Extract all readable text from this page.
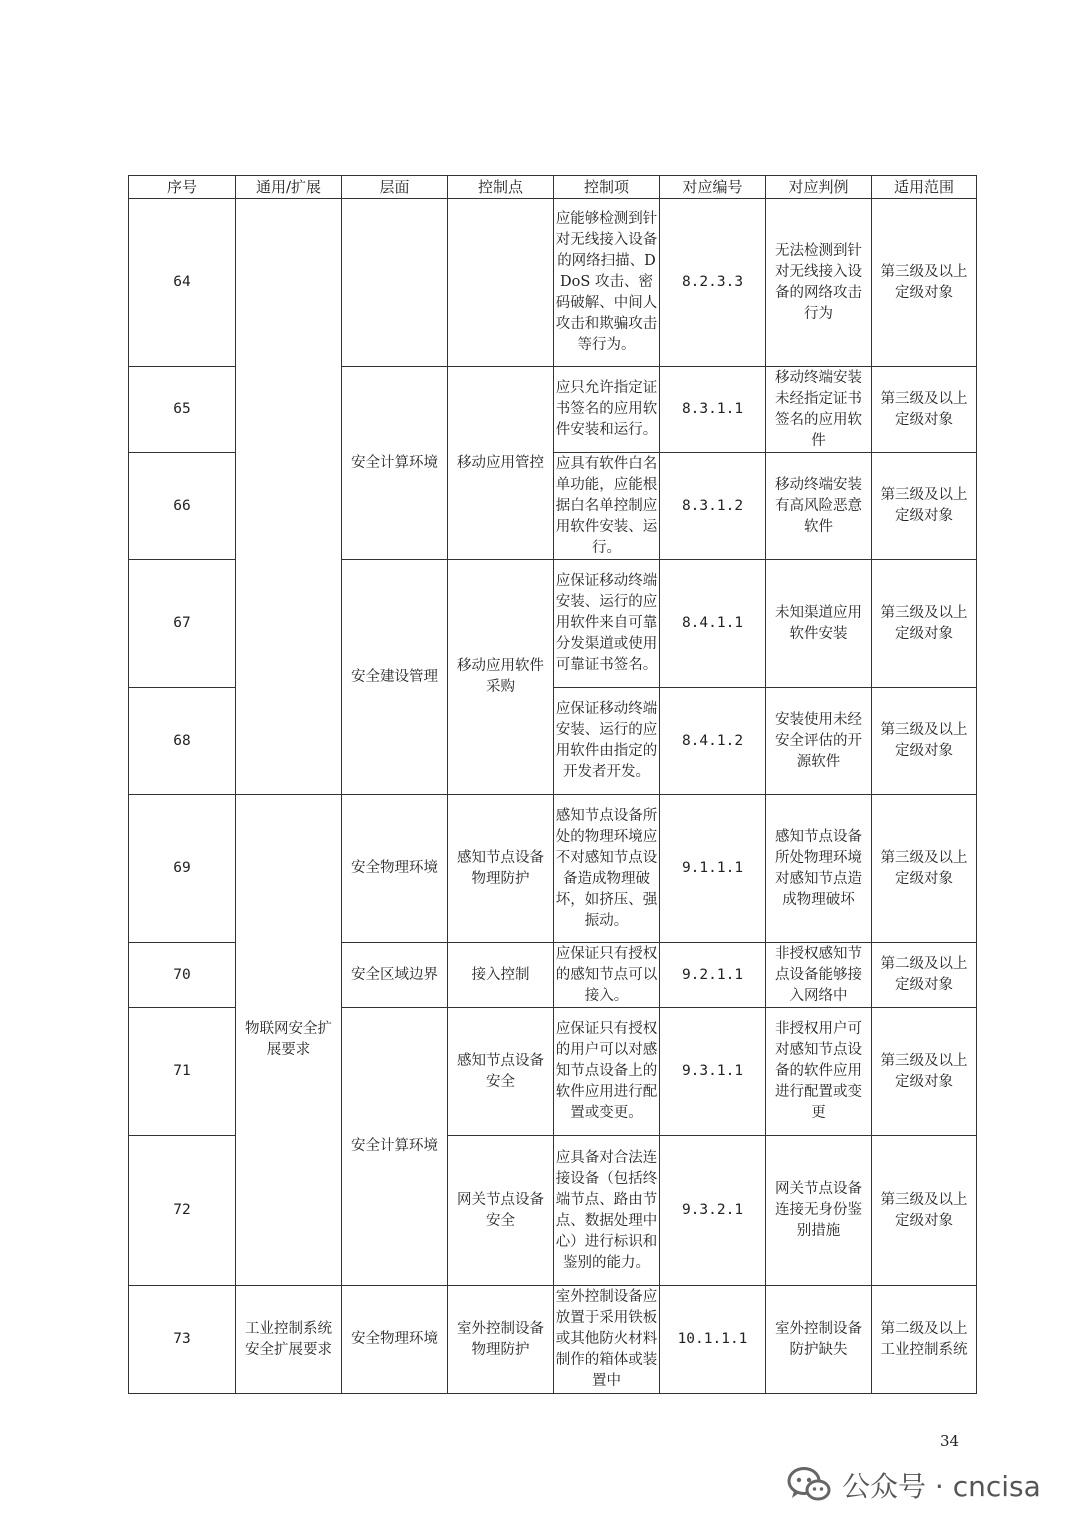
序号	通用/扩展	层面	控制点	控制项	对应编号	对应判例	适用范围
64				应能够检测到针对无线接入设备的网络扫描、DDoS 攻击、密码破解、中间人攻击和欺骗攻击等行为。	8.2.3.3	无法检测到针对无线接入设备的网络攻击行为	第三级及以上定级对象
65		安全计算环境	移动应用管控	应只允许指定证书签名的应用软件安装和运行。	8.3.1.1	移动终端安装未经指定证书签名的应用软件	第三级及以上定级对象
66				应具有软件白名单功能，应能根据白名单控制应用软件安装、运行。	8.3.1.2	移动终端安装有高风险恶意软件	第三级及以上定级对象
67		安全建设管理	移动应用软件采购	应保证移动终端安装、运行的应用软件来自可靠分发渠道或使用可靠证书签名。	8.4.1.1	未知渠道应用软件安装	第三级及以上定级对象
68				应保证移动终端安装、运行的应用软件由指定的开发者开发。	8.4.1.2	安装使用未经安全评估的开源软件	第三级及以上定级对象
69	物联网安全扩展要求	安全物理环境	感知节点设备物理防护	感知节点设备所处的物理环境应不对感知节点设备造成物理破坏，如挤压、强振动。	9.1.1.1	感知节点设备所处物理环境对感知节点造成物理破坏	第三级及以上定级对象
70		安全区域边界	接入控制	应保证只有授权的感知节点可以接入。	9.2.1.1	非授权感知节点设备能够接入网络中	第二级及以上定级对象
71		安全计算环境	感知节点设备安全	应保证只有授权的用户可以对感知节点设备上的软件应用进行配置或变更。	9.3.1.1	非授权用户可对感知节点设备的软件应用进行配置或变更	第三级及以上定级对象
72			网关节点设备安全	应具备对合法连接设备（包括终端节点、路由节点、数据处理中心）进行标识和鉴别的能力。	9.3.2.1	网关节点设备连接无身份鉴别措施	第三级及以上定级对象
73	工业控制系统安全扩展要求	安全物理环境	室外控制设备物理防护	室外控制设备应放置于采用铁板或其他防火材料制作的箱体或装置中	10.1.1.1	室外控制设备防护缺失	第二级及以上工业控制系统
34
公众号 · cncisa
